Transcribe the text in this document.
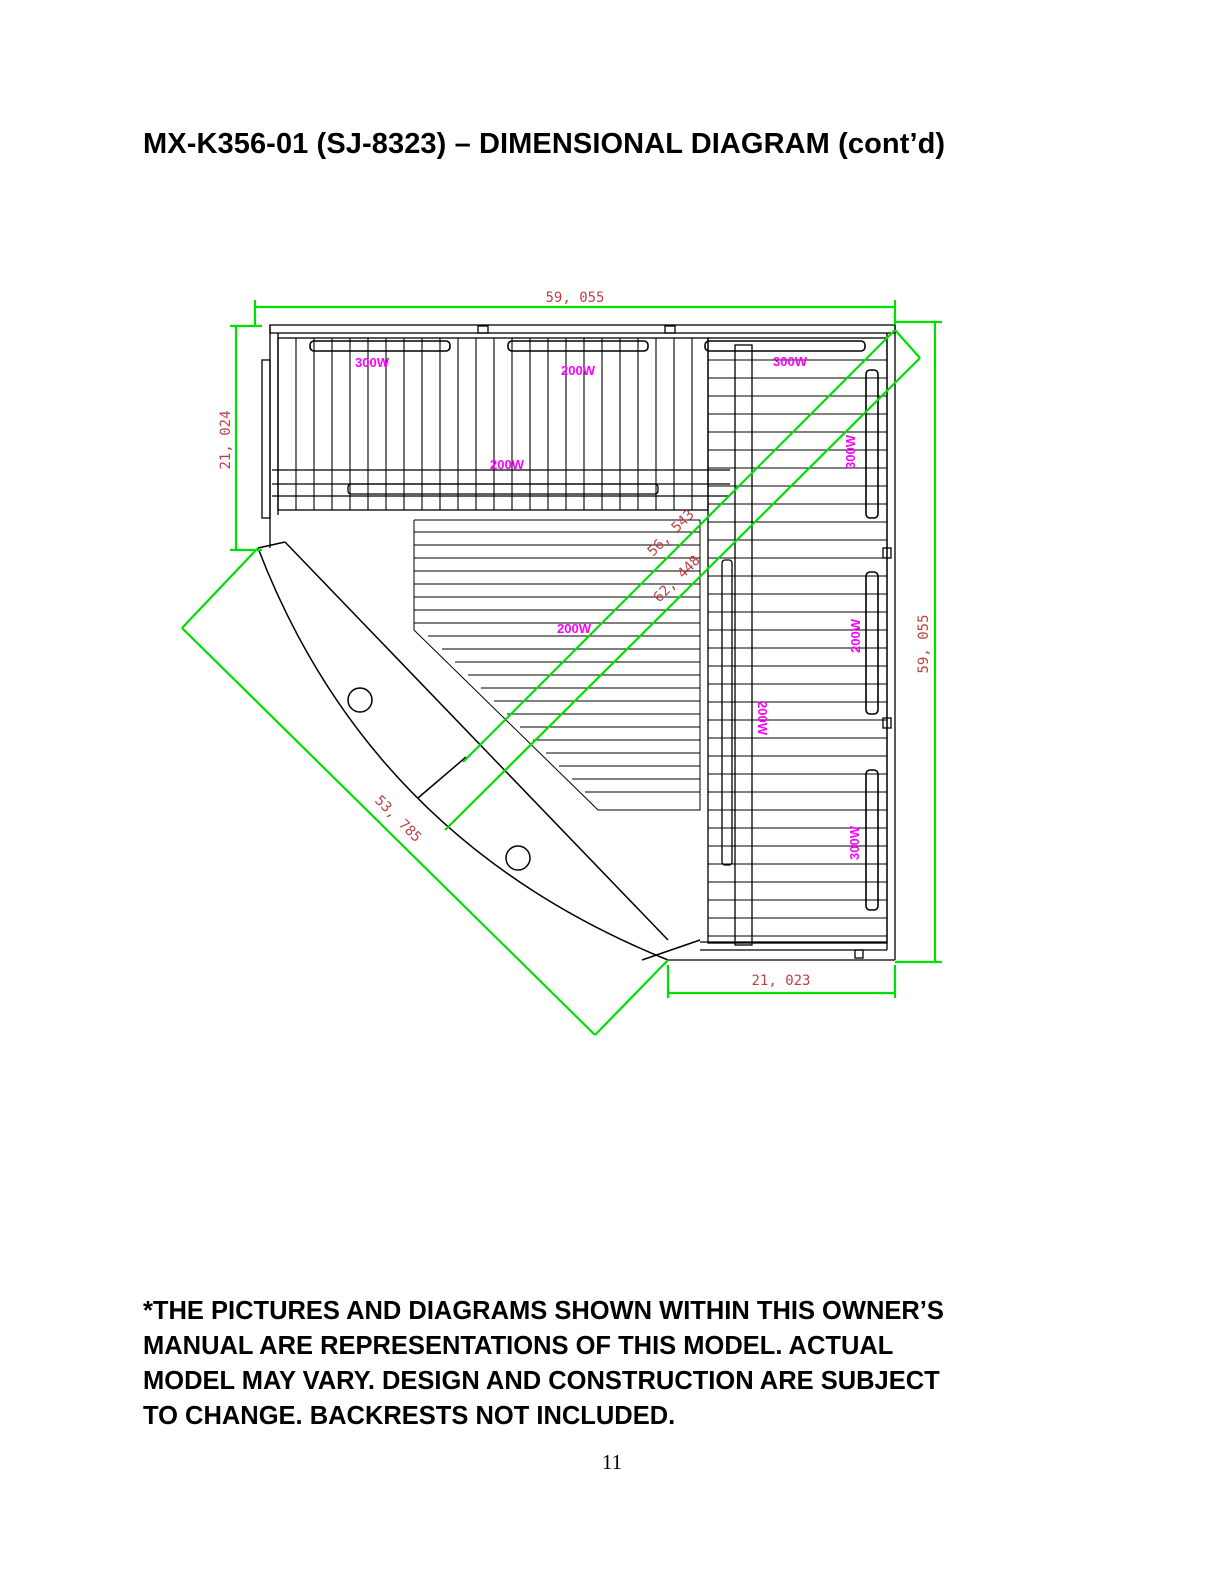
MX-K356-01 (SJ-8323) – DIMENSIONAL DIAGRAM (cont’d)
59, 055
21, 024
59, 055
21, 023
53, 785
56, 543
62, 448
300W
200W
300W
200W
200W
300W
200W
300W
200W
*THE PICTURES AND DIAGRAMS SHOWN WITHIN THIS OWNER’S
MANUAL ARE REPRESENTATIONS OF THIS MODEL. ACTUAL
MODEL MAY VARY. DESIGN AND CONSTRUCTION ARE SUBJECT
TO CHANGE. BACKRESTS NOT INCLUDED.
11
